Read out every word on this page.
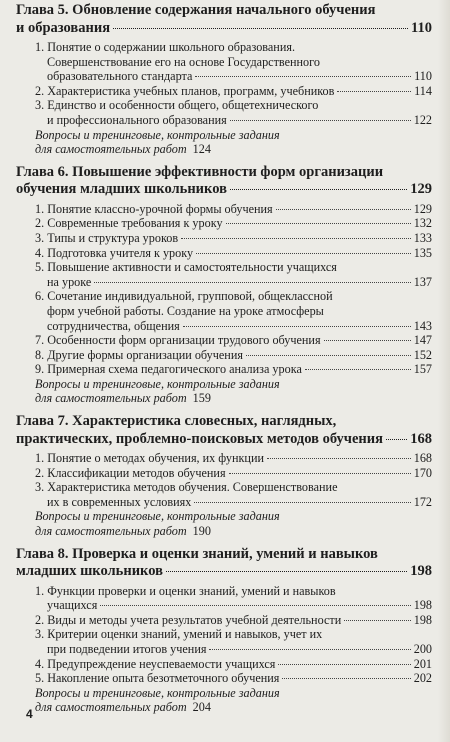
Глава 5. Обновление содержания начального обучения
и образования	110
1. Понятие о содержании школьного образования.
Совершенствование его на основе Государственного
образовательного стандарта	110
2. Характеристика учебных планов, программ, учебников	114
3. Единство и особенности общего, общетехнического
и профессионального образования	122
Вопросы и тренинговые, контрольные задания
для самостоятельных работ 124
Глава 6. Повышение эффективности форм организации
обучения младших школьников	129
1. Понятие классно-урочной формы обучения	129
2. Современные требования к уроку	132
3. Типы и структура уроков	133
4. Подготовка учителя к уроку	135
5. Повышение активности и самостоятельности учащихся
на уроке	137
6. Сочетание индивидуальной, групповой, общеклассной
форм учебной работы. Создание на уроке атмосферы
сотрудничества, общения	143
7. Особенности форм организации трудового обучения	147
8. Другие формы организации обучения	152
9. Примерная схема педагогического анализа урока	157
Вопросы и тренинговые, контрольные задания
для самостоятельных работ 159
Глава 7. Характеристика словесных, наглядных,
практических, проблемно-поисковых методов обучения 168
1. Понятие о методах обучения, их функции	168
2. Классификации методов обучения	170
3. Характеристика методов обучения. Совершенствование
их в современных условиях	172
Вопросы и тренинговые, контрольные задания
для самостоятельных работ 190
Глава 8. Проверка и оценки знаний, умений и навыков
младших школьников	198
1. Функции проверки и оценки знаний, умений и навыков
учащихся	198
2. Виды и методы учета результатов учебной деятельности	198
3. Критерии оценки знаний, умений и навыков, учет их
при подведении итогов учения	200
4. Предупреждение неуспеваемости учащихся	201
5. Накопление опыта безотметочного обучения	202
Вопросы и тренинговые, контрольные задания
для самостоятельных работ 204
4
